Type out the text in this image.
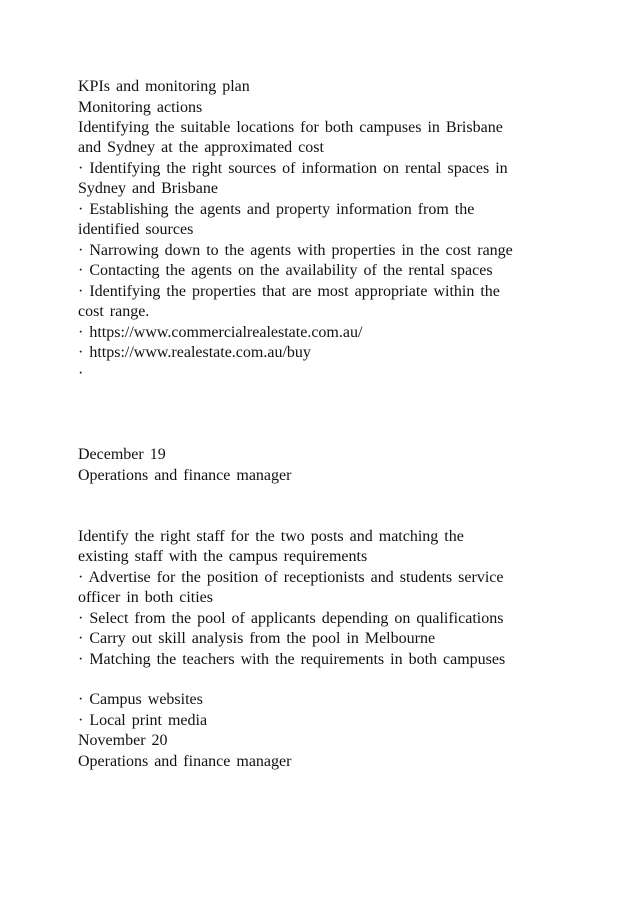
KPIs and monitoring plan
Monitoring actions
Identifying the suitable locations for both campuses in Brisbane
and Sydney at the approximated cost
· Identifying the right sources of information on rental spaces in
Sydney and Brisbane
· Establishing the agents and property information from the
identified sources
· Narrowing down to the agents with properties in the cost range
· Contacting the agents on the availability of the rental spaces
· Identifying the properties that are most appropriate within the
cost range.
· https://www.commercialrealestate.com.au/
· https://www.realestate.com.au/buy
·
December 19
Operations and finance manager
Identify the right staff for the two posts and matching the
existing staff with the campus requirements
· Advertise for the position of receptionists and students service
officer in both cities
· Select from the pool of applicants depending on qualifications
· Carry out skill analysis from the pool in Melbourne
· Matching the teachers with the requirements in both campuses
· Campus websites
· Local print media
November 20
Operations and finance manager
